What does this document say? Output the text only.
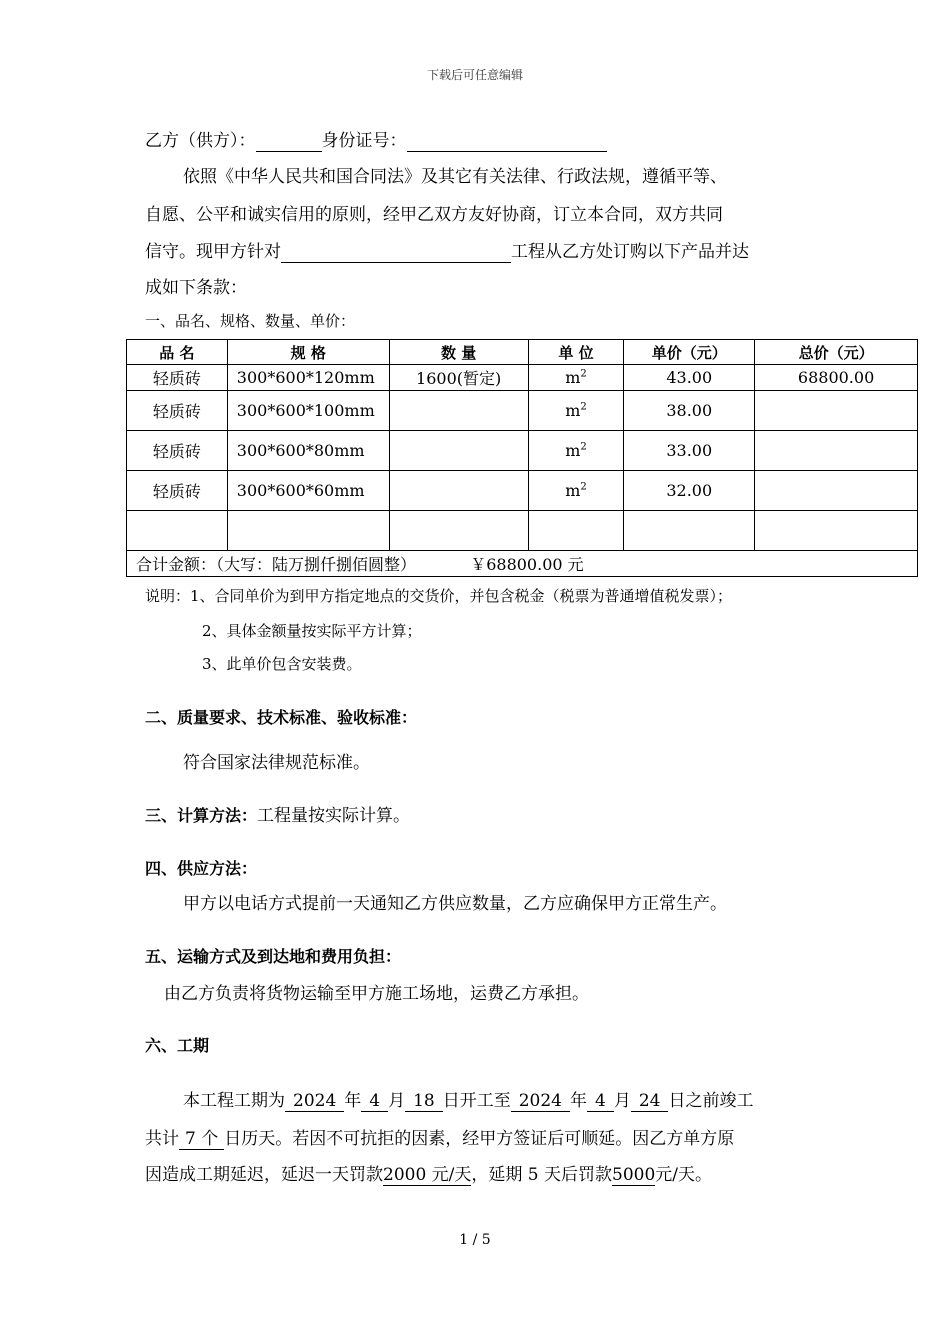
下载后可任意编辑
乙方（供方）：	身份证号：
依照《中华人民共和国合同法》及其它有关法律、行政法规，遵循平等、
自愿、公平和诚实信用的原则，经甲乙双方友好协商，订立本合同，双方共同
信守。现甲方针对	工程从乙方处订购以下产品并达
成如下条款：
一、品名、规格、数量、单价：
品 名	规 格	数 量	单 位	单价（元）	总价（元）
轻质砖	300*600*120mm	1600(暂定)	$m^2$	43.00	68800.00
轻质砖	300*600*100mm		$m^2$	38.00	
轻质砖	300*600*80mm		$m^2$	33.00	
轻质砖	300*600*60mm		$m^2$	32.00	

合计金额：（大写：陆万捌仟捌佰圆整） ￥68800.00 元					
说明：1、合同单价为到甲方指定地点的交货价，并包含税金（税票为普通增值税发票）；
2、具体金额量按实际平方计算；
3、此单价包含安装费。
二、质量要求、技术标准、验收标准：
符合国家法律规范标准。
三、计算方法：工程量按实际计算。
四、供应方法：
甲方以电话方式提前一天通知乙方供应数量，乙方应确保甲方正常生产。
五、运输方式及到达地和费用负担：
由乙方负责将货物运输至甲方施工场地，运费乙方承担。
六、工期
本工程工期为 2024 年 4 月 18 日开工至 2024 年 4 月 24 日之前竣工
共计 7 个 日历天。若因不可抗拒的因素，经甲方签证后可顺延。因乙方单方原
因造成工期延迟，延迟一天罚款2000 元/天，延期 5 天后罚款5000元/天。
1 / 5
